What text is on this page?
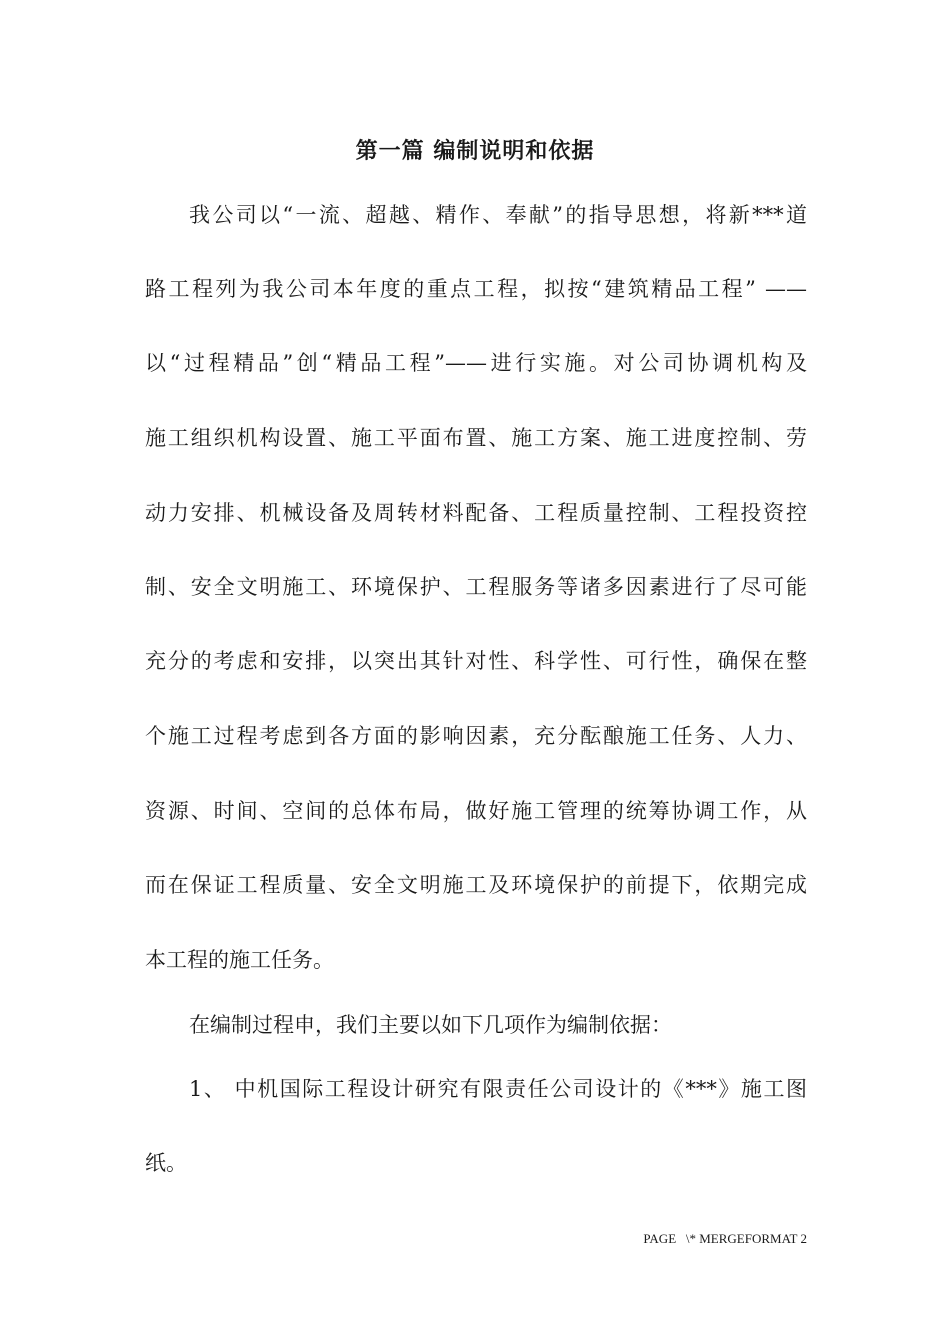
第一篇 编制说明和依据
我公司以“一流、超越、精作、奉献”的指导思想，将新***道
路工程列为我公司本年度的重点工程，拟按“建筑精品工程” ——
以“过程精品”创“精品工程”——进行实施。对公司协调机构及
施工组织机构设置、施工平面布置、施工方案、施工进度控制、劳
动力安排、机械设备及周转材料配备、工程质量控制、工程投资控
制、安全文明施工、环境保护、工程服务等诸多因素进行了尽可能
充分的考虑和安排，以突出其针对性、科学性、可行性，确保在整
个施工过程考虑到各方面的影响因素，充分酝酿施工任务、人力、
资源、时间、空间的总体布局，做好施工管理的统筹协调工作，从
而在保证工程质量、安全文明施工及环境保护的前提下，依期完成
本工程的施工任务。
在编制过程申，我们主要以如下几项作为编制依据：
1、 中机国际工程设计研究有限责任公司设计的《***》施工图
纸。
PAGE   \* MERGEFORMAT 2
